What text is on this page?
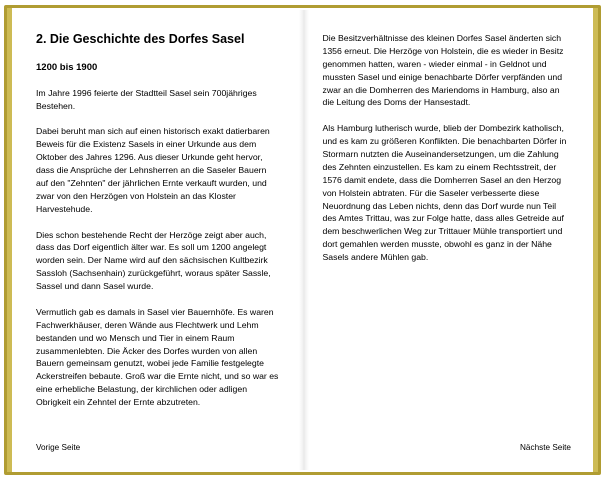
2. Die Geschichte des Dorfes Sasel
1200 bis 1900

Im Jahre 1996 feierte der Stadtteil Sasel sein 700jähriges Bestehen.

Dabei beruht man sich auf einen historisch exakt datierbaren Beweis für die Existenz Sasels in einer Urkunde aus dem Oktober des Jahres 1296. Aus dieser Urkunde geht hervor, dass die Ansprüche der Lehnsherren an die Saseler Bauern auf den "Zehnten" der jährlichen Ernte verkauft wurden, und zwar von den Herzögen von Holstein an das Kloster Harvestehude.

Dies schon bestehende Recht der Herzöge zeigt aber auch, dass das Dorf eigentlich älter war. Es soll um 1200 angelegt worden sein. Der Name wird auf den sächsischen Kultbezirk Sassloh (Sachsenhain) zurückgeführt, woraus später Sassle, Sassel und dann Sasel wurde.

Vermutlich gab es damals in Sasel vier Bauernhöfe. Es waren Fachwerkhäuser, deren Wände aus Flechtwerk und Lehm bestanden und wo Mensch und Tier in einem Raum zusammenlebten. Die Äcker des Dorfes wurden von allen Bauern gemeinsam genutzt, wobei jede Familie festgelegte Ackerstreifen bebaute. Groß war die Ernte nicht, und so war es eine erhebliche Belastung, der kirchlichen oder adligen Obrigkeit ein Zehntel der Ernte abzutreten.

Vorige Seite

Die Besitzverhältnisse des kleinen Dorfes Sasel änderten sich 1356 erneut. Die Herzöge von Holstein, die es wieder in Besitz genommen hatten, waren - wieder einmal - in Geldnot und mussten Sasel und einige benachbarte Dörfer verpfänden und zwar an die Domherren des Mariendoms in Hamburg, also an die Leitung des Doms der Hansestadt.

Als Hamburg lutherisch wurde, blieb der Dombezirk katholisch, und es kam zu größeren Konflikten. Die benachbarten Dörfer in Stormarn nutzten die Auseinandersetzungen, um die Zahlung des Zehnten einzustellen. Es kam zu einem Rechtsstreit, der 1576 damit endete, dass die Domherren Sasel an den Herzog von Holstein abtraten. Für die Saseler verbesserte diese Neuordnung das Leben nichts, denn das Dorf wurde nun Teil des Amtes Trittau, was zur Folge hatte, dass alles Getreide auf dem beschwerlichen Weg zur Trittauer Mühle transportiert und dort gemahlen werden musste, obwohl es ganz in der Nähe Sasels andere Mühlen gab.

Nächste Seite
